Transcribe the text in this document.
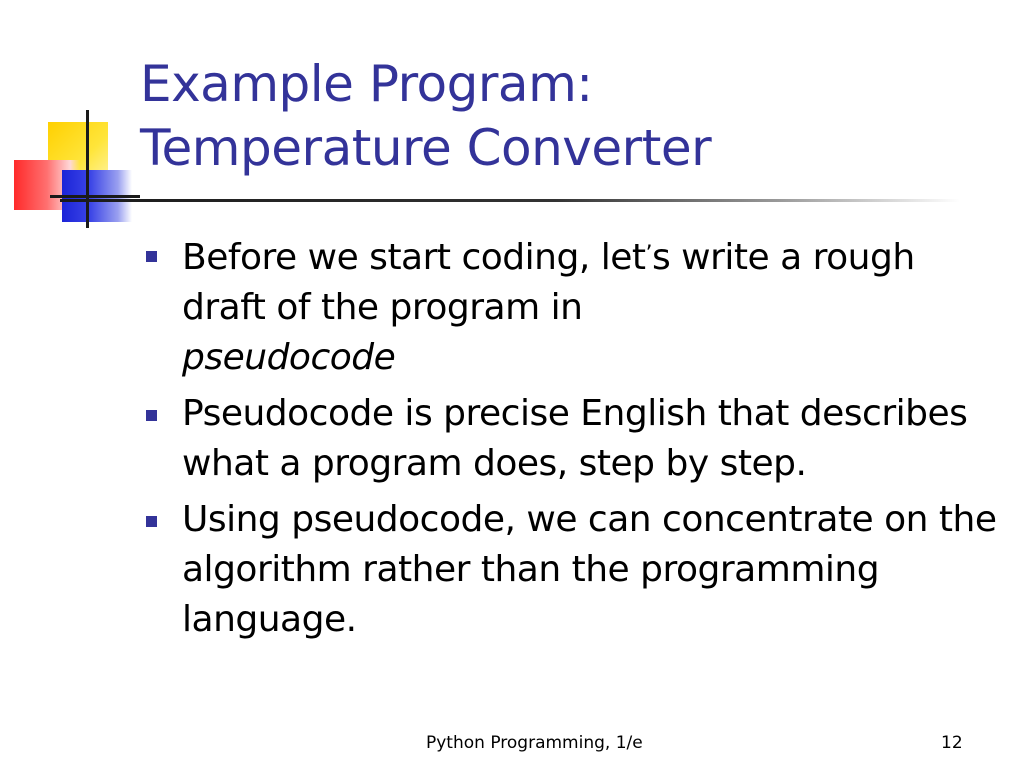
Example Program:
Temperature Converter
Before we start coding, let’s write a rough draft of the program in
pseudocode
Pseudocode is precise English that describes what a program does, step by step.
Using pseudocode, we can concentrate on the algorithm rather than the programming language.
Python Programming, 1/e	12
